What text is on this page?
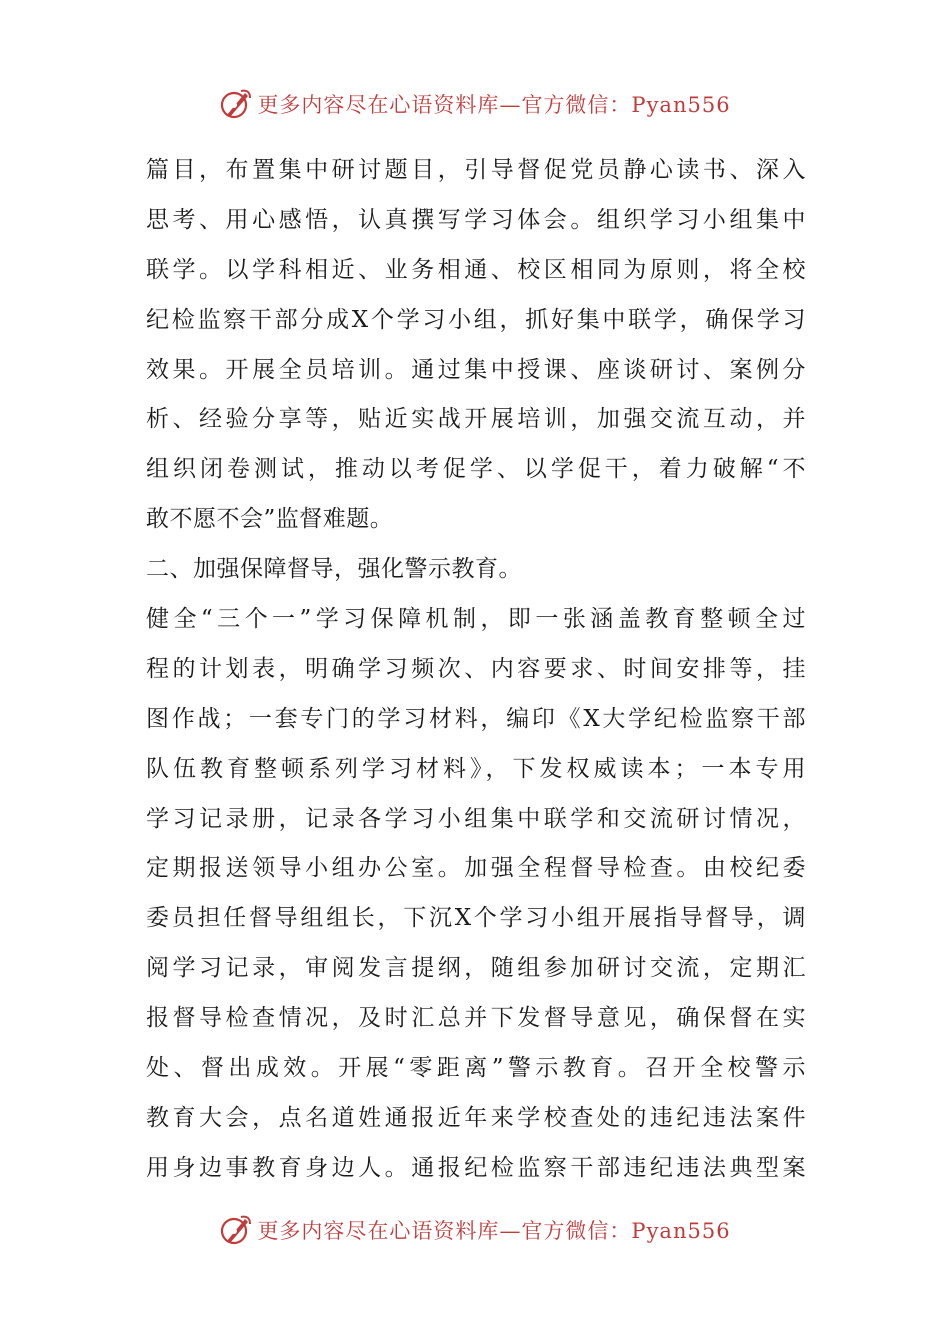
更多内容尽在心语资料库 —官方微信：Pyan556
篇目，布置集中研讨题目，引导督促党员静心读书、深入
思考、用心感悟，认真撰写学习体会。组织学习小组集中
联学。以学科相近、业务相通、校区相同为原则，将全校
纪检监察干部分成X个学习小组，抓好集中联学，确保学习
效果。开展全员培训。通过集中授课、座谈研讨、案例分
析、经验分享等，贴近实战开展培训，加强交流互动，并
组织闭卷测试，推动以考促学、以学促干，着力破解“不
敢不愿不会”监督难题。
二、加强保障督导，强化警示教育。
健全“三个一”学习保障机制，即一张涵盖教育整顿全过
程的计划表，明确学习频次、内容要求、时间安排等，挂
图作战；一套专门的学习材料，编印《X大学纪检监察干部
队伍教育整顿系列学习材料》，下发权威读本；一本专用
学习记录册，记录各学习小组集中联学和交流研讨情况，
定期报送领导小组办公室。加强全程督导检查。由校纪委
委员担任督导组组长，下沉X个学习小组开展指导督导，调
阅学习记录，审阅发言提纲，随组参加研讨交流，定期汇
报督导检查情况，及时汇总并下发督导意见，确保督在实
处、督出成效。开展“零距离”警示教育。召开全校警示
教育大会，点名道姓通报近年来学校查处的违纪违法案件
用身边事教育身边人。通报纪检监察干部违纪违法典型案
更多内容尽在心语资料库 —官方微信：Pyan556
